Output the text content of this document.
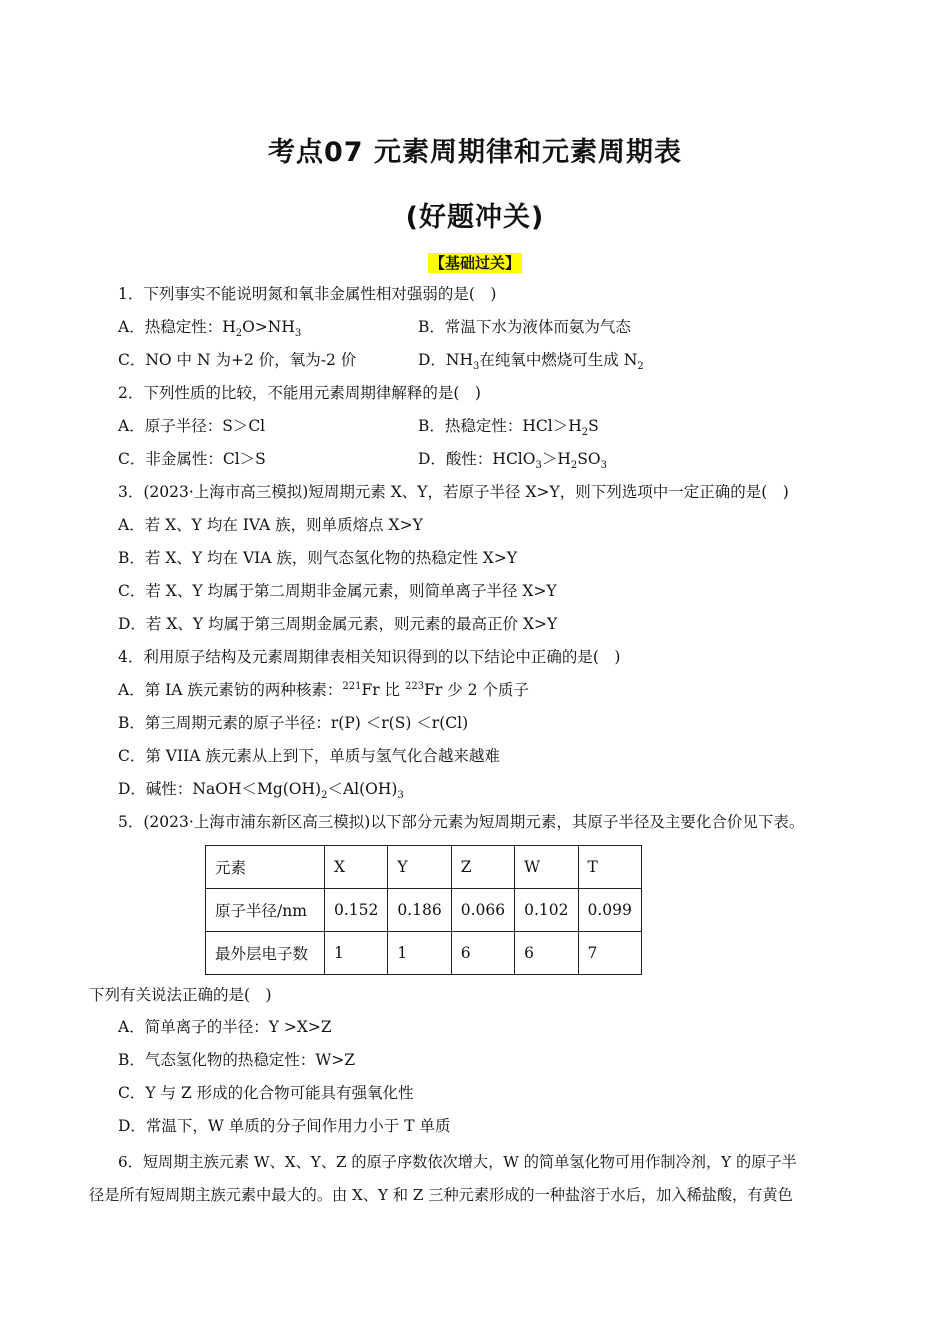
考点07 元素周期律和元素周期表
(好题冲关)
【基础过关】
1．下列事实不能说明氮和氧非金属性相对强弱的是(　)
A．热稳定性：$H_2O>NH_3$	B．常温下水为液体而氨为气态
C．NO 中 N 为+2 价，氧为-2 价	D．$NH_3$在纯氧中燃烧可生成 $N_2$
2．下列性质的比较，不能用元素周期律解释的是(　)
A．原子半径：S＞Cl	B．热稳定性：$HCl>H_2S$
C．非金属性：Cl＞S	D．酸性：$HClO_3>H_2SO_3$
3．(2023·上海市高三模拟)短周期元素 X、Y，若原子半径 X>Y，则下列选项中一定正确的是(　)
A．若 X、Y 均在 IVA 族，则单质熔点 X>Y
B．若 X、Y 均在 VIA 族，则气态氢化物的热稳定性 X>Y
C．若 X、Y 均属于第二周期非金属元素，则简单离子半径 X>Y
D．若 X、Y 均属于第三周期金属元素，则元素的最高正价 X>Y
4．利用原子结构及元素周期律表相关知识得到的以下结论中正确的是(　)
A．第 IA 族元素钫的两种核素：$^{221}$Fr 比 $^{223}$Fr 少 2 个质子
B．第三周期元素的原子半径：r(P) ＜r(S) ＜r(Cl)
C．第 VIIA 族元素从上到下，单质与氢气化合越来越难
D．碱性：$NaOH<Mg(OH)_2<Al(OH)_3$
5．(2023·上海市浦东新区高三模拟)以下部分元素为短周期元素，其原子半径及主要化合价见下表。
元素	X	Y	Z	W	T
原子半径/nm	0.152	0.186	0.066	0.102	0.099
最外层电子数	1	1	6	6	7
下列有关说法正确的是(　)
A．简单离子的半径：Y >X>Z
B．气态氢化物的热稳定性：W>Z
C．Y 与 Z 形成的化合物可能具有强氧化性
D．常温下，W 单质的分子间作用力小于 T 单质
6．短周期主族元素 W、X、Y、Z 的原子序数依次增大，W 的简单氢化物可用作制冷剂，Y 的原子半
径是所有短周期主族元素中最大的。由 X、Y 和 Z 三种元素形成的一种盐溶于水后，加入稀盐酸，有黄色
